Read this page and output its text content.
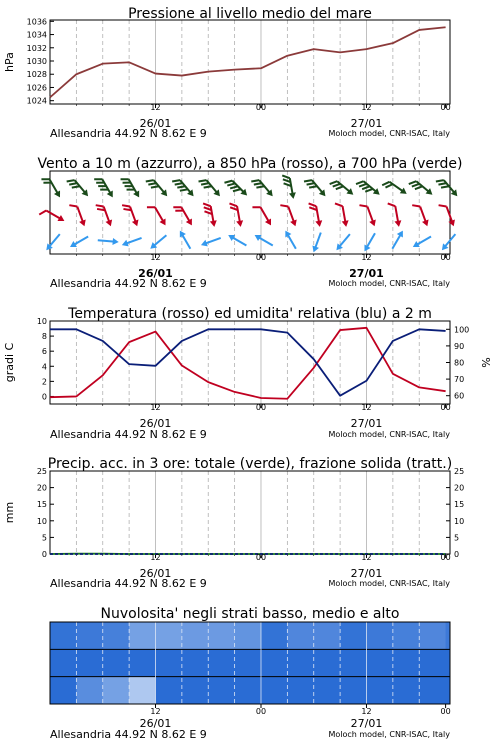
Pressione al livello medio del mare
12	00	12	00
26/01	27/01
Allesandria 44.92 N 8.62 E 9	Moloch model, CNR-ISAC, Italy
1024
1026
1028
1030
1032
1034
1036
hPa
Vento a 10 m (azzurro), a 850 hPa (rosso), a 700 hPa (verde)
12	00	12	00
26/01	27/01
Allesandria 44.92 N 8.62 E 9	Moloch model, CNR-ISAC, Italy
Temperatura (rosso) ed umidita' relativa (blu) a 2 m
12	00	12	00
26/01	27/01
Allesandria 44.92 N 8.62 E 9	Moloch model, CNR-ISAC, Italy
0
2
4
6
8
10
60
70
80
90
100
gradi C	%
Precip. acc. in 3 ore: totale (verde), frazione solida (tratt.)
12	00	12	00
26/01	27/01
Allesandria 44.92 N 8.62 E 9	Moloch model, CNR-ISAC, Italy
0
5
10
15
20
25
0
5
10
15
20
25
mm
Nuvolosita' negli strati basso, medio e alto
12	00	12	00
26/01	27/01
Allesandria 44.92 N 8.62 E 9	Moloch model, CNR-ISAC, Italy
